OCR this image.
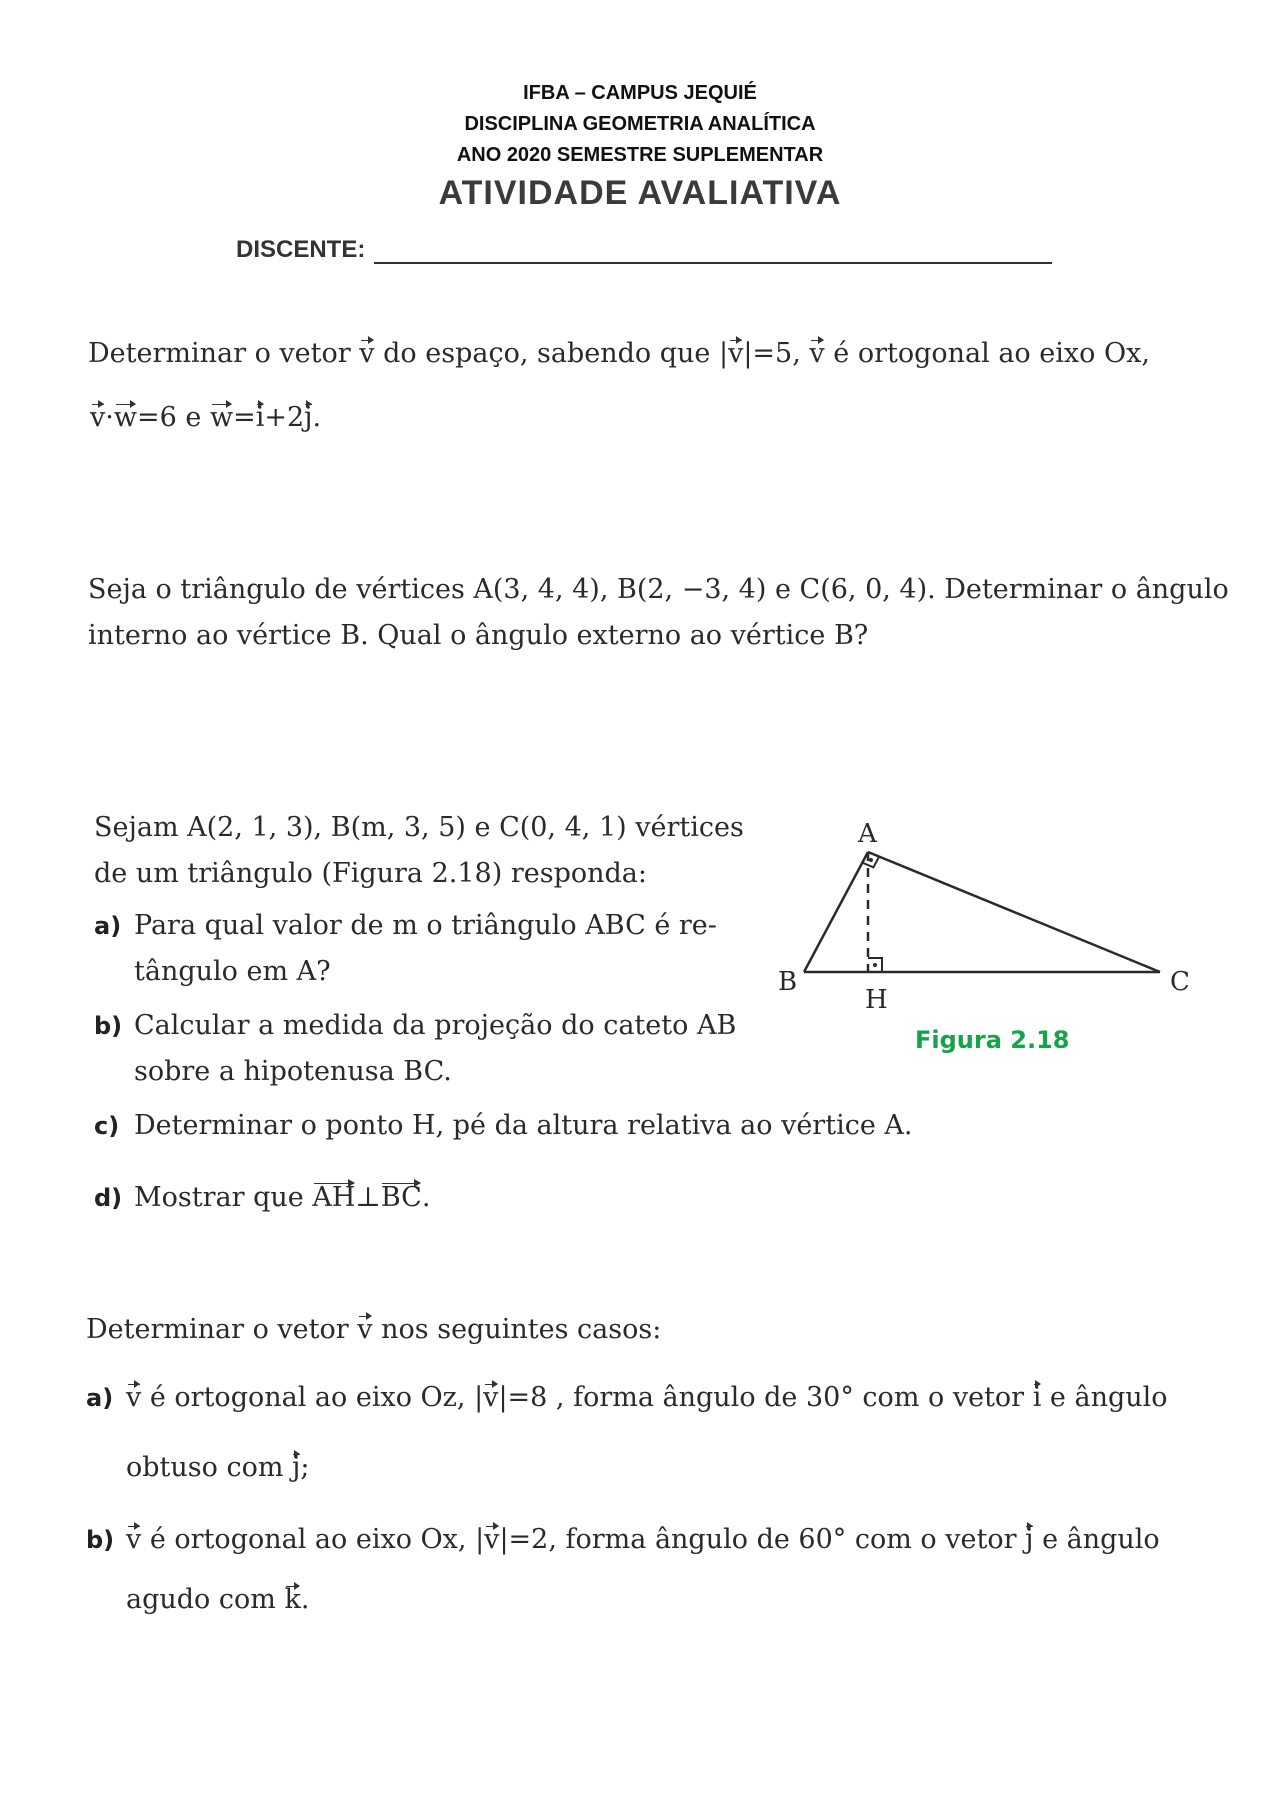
IFBA – CAMPUS JEQUIÉ
DISCIPLINA GEOMETRIA ANALÍTICA
ANO 2020 SEMESTRE SUPLEMENTAR
ATIVIDADE AVALIATIVA
DISCENTE:
Determinar o vetor v do espaço, sabendo que |v|=5, v é ortogonal ao eixo Ox,
v·w=6 e w=i+2j.
Seja o triângulo de vértices A(3, 4, 4), B(2, −3, 4) e C(6, 0, 4). Determinar o ângulo
interno ao vértice B. Qual o ângulo externo ao vértice B?
Sejam A(2, 1, 3), B(m, 3, 5) e C(0, 4, 1) vértices
de um triângulo (Figura 2.18) responda:
a) Para qual valor de m o triângulo ABC é re-
tângulo em A?
b) Calcular a medida da projeção do cateto AB
sobre a hipotenusa BC.
c) Determinar o ponto H, pé da altura relativa ao vértice A.
d) Mostrar que AH⊥BC.
A
B	C
H
Figura 2.18
Determinar o vetor v nos seguintes casos:
a) v é ortogonal ao eixo Oz, |v|=8 , forma ângulo de 30° com o vetor i e ângulo
obtuso com j;
b) v é ortogonal ao eixo Ox, |v|=2, forma ângulo de 60° com o vetor j e ângulo
agudo com k.
